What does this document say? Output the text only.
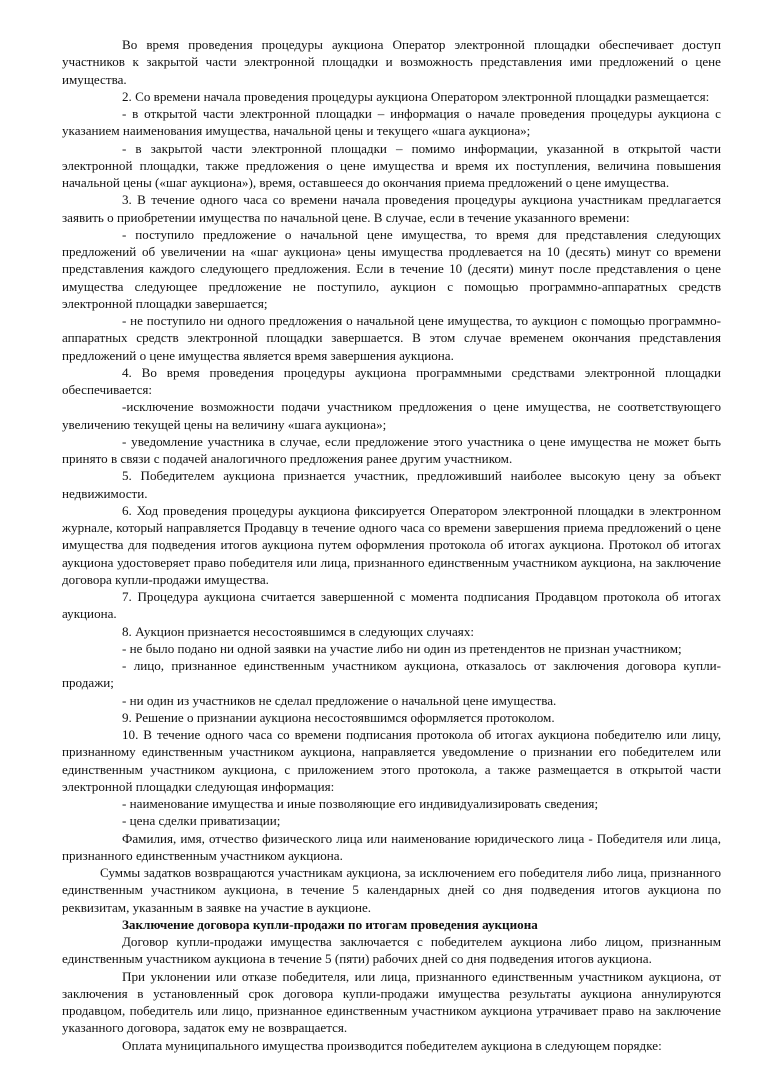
Во время проведения процедуры аукциона Оператор электронной площадки обеспечивает доступ участников к закрытой части электронной площадки и возможность представления ими предложений о цене имущества.

2. Со времени начала проведения процедуры аукциона Оператором электронной площадки размещается:

- в открытой части электронной площадки – информация о начале проведения процедуры аукциона с указанием наименования имущества, начальной цены и текущего «шага аукциона»;

- в закрытой части электронной площадки – помимо информации, указанной в открытой части электронной площадки, также предложения о цене имущества и время их поступления, величина повышения начальной цены («шаг аукциона»), время, оставшееся до окончания приема предложений о цене имущества.

3. В течение одного часа со времени начала проведения процедуры аукциона участникам предлагается заявить о приобретении имущества по начальной цене. В случае, если в течение указанного времени:

- поступило предложение о начальной цене имущества, то время для представления следующих предложений об увеличении на «шаг аукциона» цены имущества продлевается на 10 (десять) минут со времени представления каждого следующего предложения. Если в течение 10 (десяти) минут после представления о цене имущества следующее предложение не поступило, аукцион с помощью программно-аппаратных средств электронной площадки завершается;

- не поступило ни одного предложения о начальной цене имущества, то аукцион с помощью программно-аппаратных средств электронной площадки завершается. В этом случае временем окончания представления предложений о цене имущества является время завершения аукциона.

4. Во время проведения процедуры аукциона программными средствами электронной площадки обеспечивается:

-исключение возможности подачи участником предложения о цене имущества, не соответствующего увеличению текущей цены на величину «шага аукциона»;

- уведомление участника в случае, если предложение этого участника о цене имущества не может быть принято в связи с подачей аналогичного предложения ранее другим участником.

5. Победителем аукциона признается участник, предложивший наиболее высокую цену за объект недвижимости.

6. Ход проведения процедуры аукциона фиксируется Оператором электронной площадки в электронном журнале, который направляется Продавцу в течение одного часа со времени завершения приема предложений о цене имущества для подведения итогов аукциона путем оформления протокола об итогах аукциона. Протокол об итогах аукциона удостоверяет право победителя или лица, признанного единственным участником аукциона, на заключение договора купли-продажи имущества.

7. Процедура аукциона считается завершенной с момента подписания Продавцом протокола об итогах аукциона.

8. Аукцион признается несостоявшимся в следующих случаях:

- не было подано ни одной заявки на участие либо ни один из претендентов не признан участником;

- лицо, признанное единственным участником аукциона, отказалось от заключения договора купли-продажи;

- ни один из участников не сделал предложение о начальной цене имущества.

9. Решение о признании аукциона несостоявшимся оформляется протоколом.

10. В течение одного часа со времени подписания протокола об итогах аукциона победителю или лицу, признанному единственным участником аукциона, направляется уведомление о признании его победителем или единственным участником аукциона, с приложением этого протокола, а также размещается в открытой части электронной площадки следующая информация:

- наименование имущества и иные позволяющие его индивидуализировать сведения;

- цена сделки приватизации;

Фамилия, имя, отчество физического лица или наименование юридического лица - Победителя или лица, признанного единственным участником аукциона.

Суммы задатков возвращаются участникам аукциона, за исключением его победителя либо лица, признанного единственным участником аукциона, в течение 5 календарных дней со дня подведения итогов аукциона по реквизитам, указанным в заявке на участие в аукционе.

Заключение договора купли-продажи по итогам проведения аукциона

Договор купли-продажи имущества заключается с победителем аукциона либо лицом, признанным единственным участником аукциона в течение 5 (пяти) рабочих дней со дня подведения итогов аукциона.

При уклонении или отказе победителя, или лица, признанного единственным участником аукциона, от заключения в установленный срок договора купли-продажи имущества результаты аукциона аннулируются продавцом, победитель или лицо, признанное единственным участником аукциона утрачивает право на заключение указанного договора, задаток ему не возвращается.

Оплата муниципального имущества производится победителем аукциона в следующем порядке:
